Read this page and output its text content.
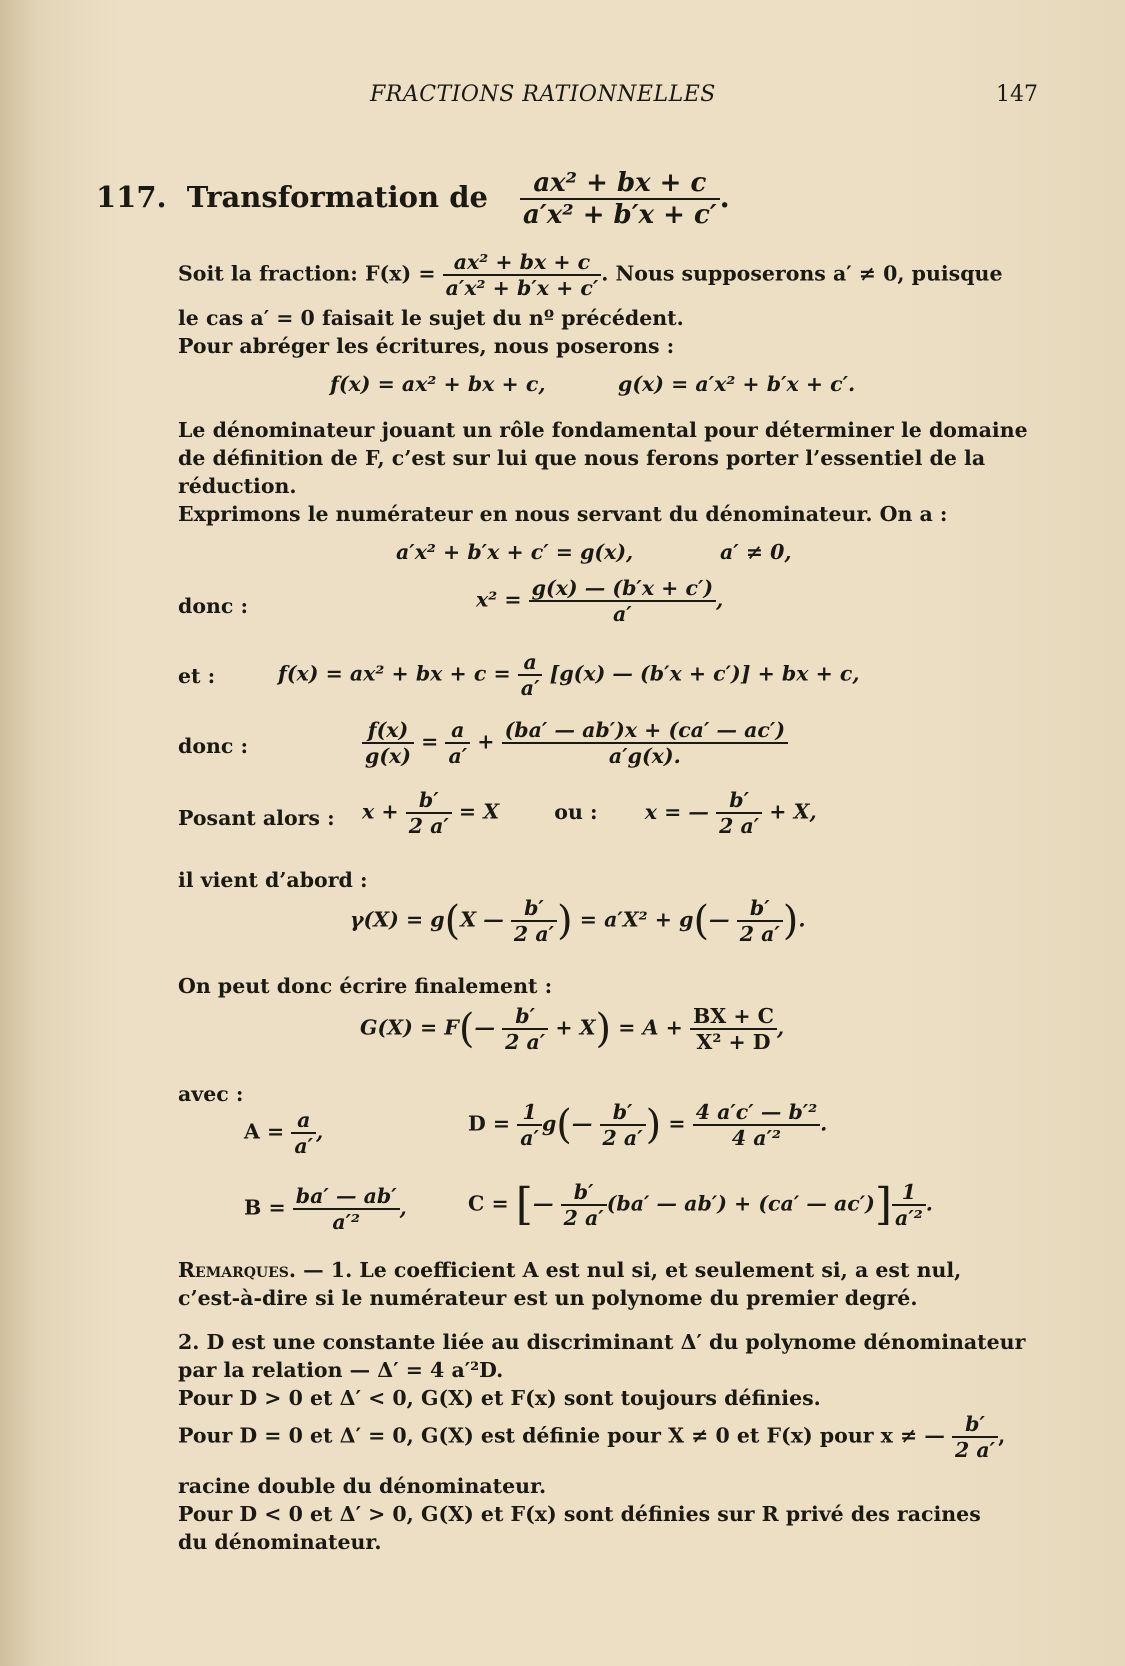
FRACTIONS RATIONNELLES	147
117. Transformation de $\frac{\text{ax² + bx + c}}{\text{a′x² + b′x + c′}}$ .
Soit la fraction: $F(x) = \frac{\text{ax² + bx + c}}{\text{a′x² + b′x + c′}}$ . Nous supposerons a′ ≠ 0, puisque
le cas a′ = 0 faisait le sujet du nº précédent.
Pour abréger les écritures, nous poserons :
f(x) = ax² + bx + c,	g(x) = a′x² + b′x + c′.
Le dénominateur jouant un rôle fondamental pour déterminer le domaine
de définition de F, c’est sur lui que nous ferons porter l’essentiel de la
réduction.
Exprimons le numérateur en nous servant du dénominateur. On a :
a′x² + b′x + c′ = g(x),	a′ ≠ 0,
donc :	$x^2 = \frac{g(x) — (b'x + c')}{a'}$ ,
et :	f(x) = ax² + bx + $c = \frac{a}{a'} [g(x)$ — (b′x + c′)] + bx + c,
donc :	$\frac{f(x)}{g(x)} = \frac{a}{a'} + \frac{(ba' — ab')x + (ca' — ac')}{a'g(x).}$
Posant alors : $x + \frac{b'}{2 a'} = X$	ou : x = — $\frac{b'}{2 a'} + X$,
il vient d’abord :
γ(X) = g(X — $\frac{b'}{2 a'}$ ) = a′X² + g(— $\frac{b'}{2 a'}$ ).
On peut donc écrire finalement :
G(X) = F(— $\frac{b'}{2 a'} + X) = A + \frac{BX + C}{\text{X² + D}}$ ,
avec :
$A = \frac{a}{a'}$ ,	$D = \frac{1}{a'}$ g(— $\frac{b'}{2 a'}$ ) = $\frac{\text{4 a′c′ — b′²}}{\text{4 a′²}}$ .
$B = \frac{ba' — ab'}{\text{a′²}}$ ,	C = [— $\frac{b'}{2 a'} (ba'$ — ab′) + (ca′ — $ac')] \frac{1}{\text{a′²}}$ .
Remarques. — 1. Le coefficient A est nul si, et seulement si, a est nul,
c’est-à-dire si le numérateur est un polynome du premier degré.
2. D est une constante liée au discriminant Δ′ du polynome dénominateur
par la relation — Δ′ = 4 a′²D.
Pour D > 0 et Δ′ < 0, G(X) et F(x) sont toujours définies.
Pour D = 0 et Δ′ = 0, G(X) est définie pour X ≠ 0 et F(x) pour x ≠ — $\frac{b'}{2 a'}$ ,
racine double du dénominateur.
Pour D < 0 et Δ′ > 0, G(X) et F(x) sont définies sur R privé des racines
du dénominateur.
